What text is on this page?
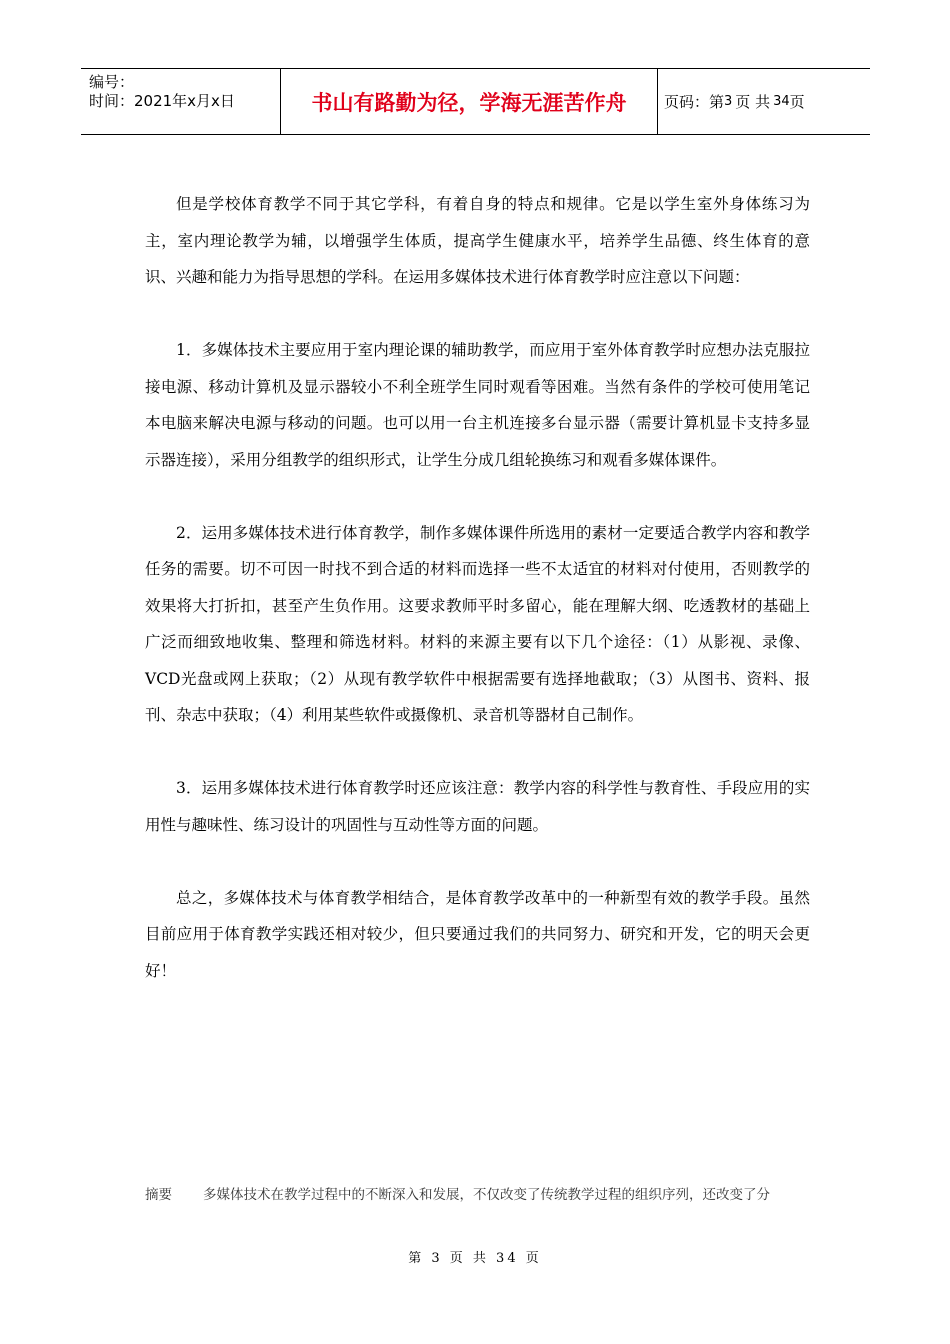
编号：
时间：2021年x月x日	书山有路勤为径，学海无涯苦作舟	页码：第 3 页 共 34 页

但是学校体育教学不同于其它学科，有着自身的特点和规律。它是以学生室外身体练习为主，室内理论教学为辅，以增强学生体质，提高学生健康水平，培养学生品德、终生体育的意识、兴趣和能力为指导思想的学科。在运用多媒体技术进行体育教学时应注意以下问题：

1．多媒体技术主要应用于室内理论课的辅助教学，而应用于室外体育教学时应想办法克服拉接电源、移动计算机及显示器较小不利全班学生同时观看等困难。当然有条件的学校可使用笔记本电脑来解决电源与移动的问题。也可以用一台主机连接多台显示器（需要计算机显卡支持多显示器连接），采用分组教学的组织形式，让学生分成几组轮换练习和观看多媒体课件。

2．运用多媒体技术进行体育教学，制作多媒体课件所选用的素材一定要适合教学内容和教学任务的需要。切不可因一时找不到合适的材料而选择一些不太适宜的材料对付使用，否则教学的效果将大打折扣，甚至产生负作用。这要求教师平时多留心，能在理解大纲、吃透教材的基础上广泛而细致地收集、整理和筛选材料。材料的来源主要有以下几个途径：（1）从影视、录像、VCD光盘或网上获取；（2）从现有教学软件中根据需要有选择地截取；（3）从图书、资料、报刊、杂志中获取；（4）利用某些软件或摄像机、录音机等器材自己制作。

3．运用多媒体技术进行体育教学时还应该注意：教学内容的科学性与教育性、手段应用的实用性与趣味性、练习设计的巩固性与互动性等方面的问题。

总之，多媒体技术与体育教学相结合，是体育教学改革中的一种新型有效的教学手段。虽然目前应用于体育教学实践还相对较少，但只要通过我们的共同努力、研究和开发，它的明天会更好！

摘要 多媒体技术在教学过程中的不断深入和发展，不仅改变了传统教学过程的组织序列，还改变了分
第 3 页 共 34 页
